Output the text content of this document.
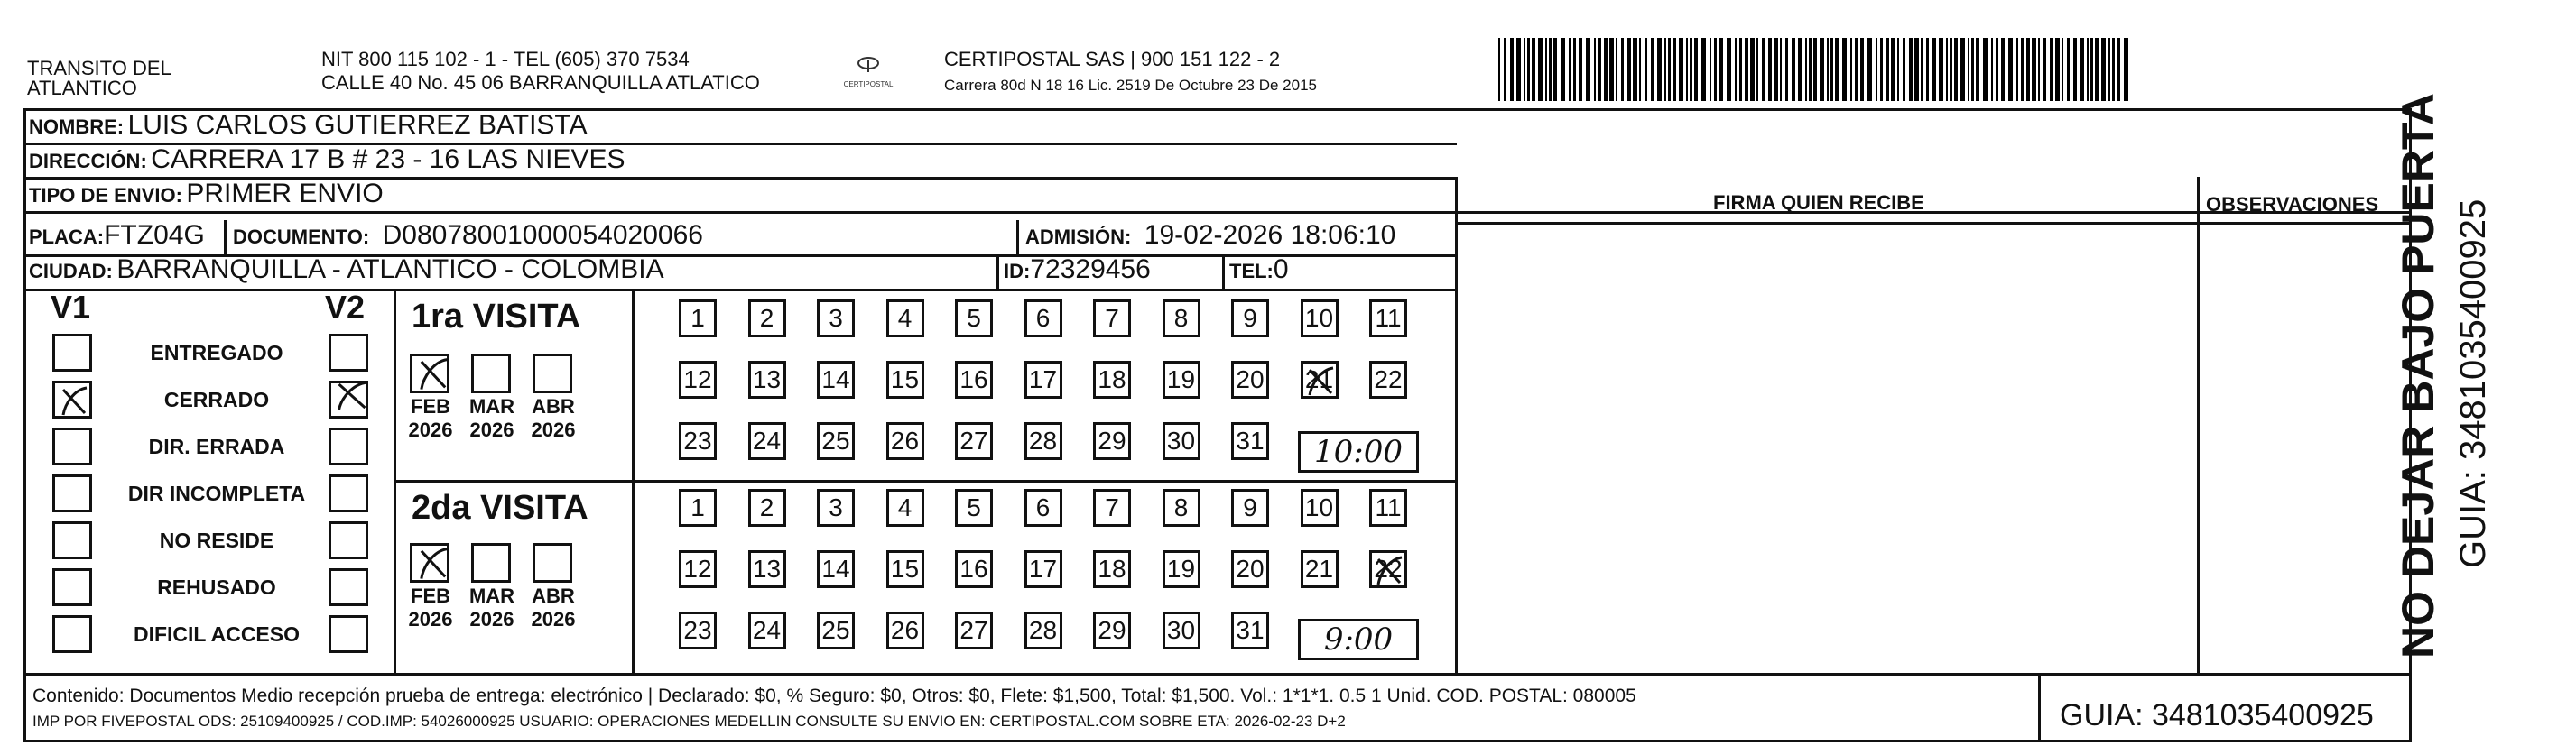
TRANSITO DEL
ATLANTICO
NIT 800 115 102 - 1 - TEL (605) 370 7534
CALLE 40 No. 45 06 BARRANQUILLA ATLATICO	CERTIPOSTAL
CERTIPOSTAL SAS | 900 151 122 - 2
Carrera 80d N 18 16 Lic. 2519 De Octubre 23 De 2015
NOMBRE: LUIS CARLOS GUTIERREZ BATISTA
DIRECCIÓN: CARRERA 17 B # 23 - 16 LAS NIEVES
TIPO DE ENVIO: PRIMER ENVIO	FIRMA QUIEN RECIBE	OBSERVACIONES
PLACA:FTZ04G DOCUMENTO: D08078001000054020066	ADMISIÓN: 19-02-2026 18:06:10
CIUDAD: BARRANQUILLA - ATLANTICO - COLOMBIA	ID:72329456	TEL:0
V1	V2
ENTREGADO
CERRADO
DIR. ERRADA
DIR INCOMPLETA
NO RESIDE
REHUSADO
DIFICIL ACCESO
1ra VISITA
FEB
2026
MAR
2026
ABR
2026
1	2	3	4	5	6	7	8	9	10 11
12 13 14 15 16 17 18 19 20 21 22
23 24 25 26 27 28 29 30 31	10:00
2da VISITA
FEB
2026
MAR
2026
ABR
2026
1	2	3	4	5	6	7	8	9	10 11
12 13 14 15 16 17 18 19 20 21 22
23 24 25 26 27 28 29 30 31	9:00
Contenido: Documentos Medio recepción prueba de entrega: electrónico | Declarado: $0, % Seguro: $0, Otros: $0, Flete: $1,500, Total: $1,500. Vol.: 1*1*1. 0.5 1 Unid. COD. POSTAL: 080005
IMP POR FIVEPOSTAL ODS: 25109400925 / COD.IMP: 54026000925 USUARIO: OPERACIONES MEDELLIN CONSULTE SU ENVIO EN: CERTIPOSTAL.COM SOBRE ETA: 2026-02-23 D+2	GUIA: 3481035400925
NO DEJAR BAJO PUERTA GUIA: 3481035400925
